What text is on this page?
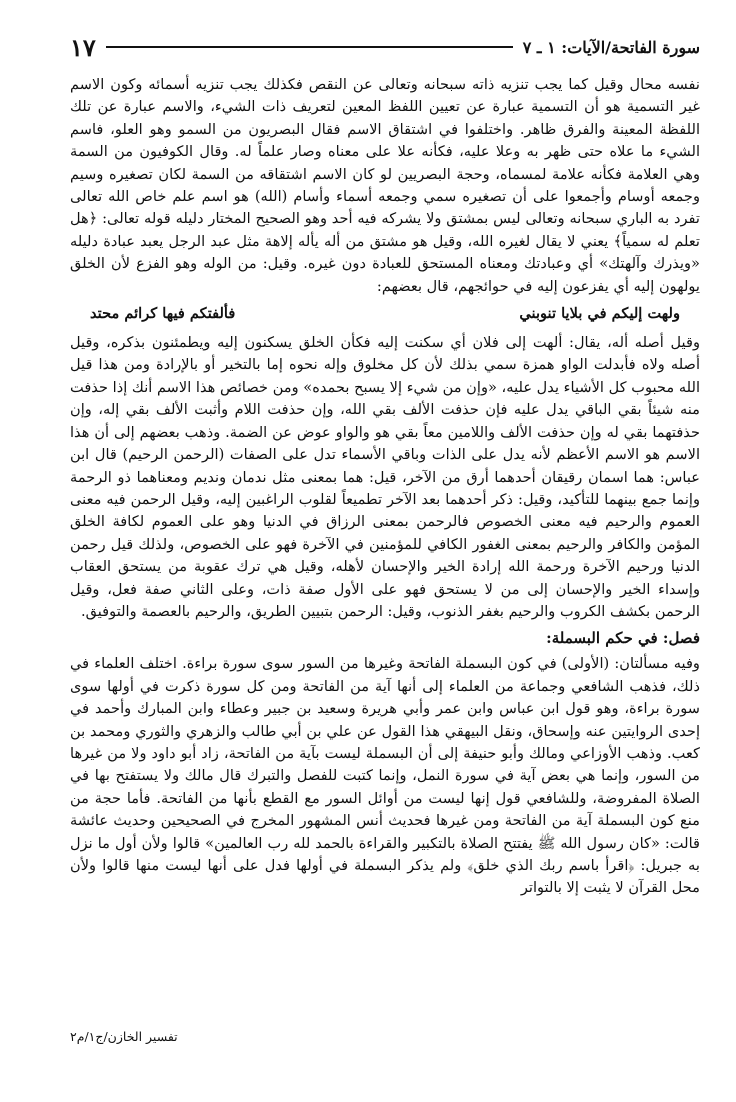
سورة الفاتحة/الآيات: ١ ـ ٧
١٧

نفسه محال وقيل كما يجب تنزيه ذاته سبحانه وتعالى عن النقص فكذلك يجب تنزيه أسمائه وكون الاسم غير التسمية هو أن التسمية عبارة عن تعيين اللفظ المعين لتعريف ذات الشيء، والاسم عبارة عن تلك اللفظة المعينة والفرق ظاهر. واختلفوا في اشتقاق الاسم فقال البصريون من السمو وهو العلو، فاسم الشيء ما علاه حتى ظهر به وعلا عليه، فكأنه علا على معناه وصار علماً له. وقال الكوفيون من السمة وهي العلامة فكأنه علامة لمسماه، وحجة البصريين لو كان الاسم اشتقاقه من السمة لكان تصغيره وسيم وجمعه أوسام وأجمعوا على أن تصغيره سمي وجمعه أسماء وأسام (الله) هو اسم علم خاص الله تعالى تفرد به الباري سبحانه وتعالى ليس بمشتق ولا يشركه فيه أحد وهو الصحيح المختار دليله قوله تعالى: ﴿هل تعلم له سمياً﴾ يعني لا يقال لغيره الله، وقيل هو مشتق من أله يأله إلاهة مثل عبد الرجل يعبد عبادة دليله «ويذرك وآلهتك» أي وعبادتك ومعناه المستحق للعبادة دون غيره. وقيل: من الوله وهو الفزع لأن الخلق يولهون إليه أي يفزعون إليه في حوائجهم، قال بعضهم:

ولهت إليكم في بلايا تنوبني
فألفتكم فيها كرائم محتد

وقيل أصله أله، يقال: ألهت إلى فلان أي سكنت إليه فكأن الخلق يسكنون إليه ويطمئنون بذكره، وقيل أصله ولاه فأبدلت الواو همزة سمي بذلك لأن كل مخلوق وإله نحوه إما بالتخير أو بالإرادة ومن هذا قيل الله محبوب كل الأشياء يدل عليه، «وإن من شيء إلا يسبح بحمده» ومن خصائص هذا الاسم أنك إذا حذفت منه شيئاً بقي الباقي يدل عليه فإن حذفت الألف بقي الله، وإن حذفت اللام وأثبت الألف بقي إله، وإن حذفتهما بقي له وإن حذفت الألف واللامين معاً بقي هو والواو عوض عن الضمة. وذهب بعضهم إلى أن هذا الاسم هو الاسم الأعظم لأنه يدل على الذات وباقي الأسماء تدل على الصفات (الرحمن الرحيم) قال ابن عباس: هما اسمان رقيقان أحدهما أرق من الآخر، قيل: هما بمعنى مثل ندمان ونديم ومعناهما ذو الرحمة وإنما جمع بينهما للتأكيد، وقيل: ذكر أحدهما بعد الآخر تطميعاً لقلوب الراغبين إليه، وقيل الرحمن فيه معنى العموم والرحيم فيه معنى الخصوص فالرحمن بمعنى الرزاق في الدنيا وهو على العموم لكافة الخلق المؤمن والكافر والرحيم بمعنى الغفور الكافي للمؤمنين في الآخرة فهو على الخصوص، ولذلك قيل رحمن الدنيا ورحيم الآخرة ورحمة الله إرادة الخير والإحسان لأهله، وقيل هي ترك عقوبة من يستحق العقاب وإسداء الخير والإحسان إلى من لا يستحق فهو على الأول صفة ذات، وعلى الثاني صفة فعل، وقيل الرحمن بكشف الكروب والرحيم بغفر الذنوب، وقيل: الرحمن بتبيين الطريق، والرحيم بالعصمة والتوفيق.

فصل: في حكم البسملة:

وفيه مسألتان: (الأولى) في كون البسملة الفاتحة وغيرها من السور سوى سورة براءة. اختلف العلماء في ذلك، فذهب الشافعي وجماعة من العلماء إلى أنها آية من الفاتحة ومن كل سورة ذكرت في أولها سوى سورة براءة، وهو قول ابن عباس وابن عمر وأبي هريرة وسعيد بن جبير وعطاء وابن المبارك وأحمد في إحدى الروايتين عنه وإسحاق، ونقل البيهقي هذا القول عن علي بن أبي طالب والزهري والثوري ومحمد بن كعب. وذهب الأوزاعي ومالك وأبو حنيفة إلى أن البسملة ليست بآية من الفاتحة، زاد أبو داود ولا من غيرها من السور، وإنما هي بعض آية في سورة النمل، وإنما كتبت للفصل والتبرك قال مالك ولا يستفتح بها في الصلاة المفروضة، وللشافعي قول إنها ليست من أوائل السور مع القطع بأنها من الفاتحة. فأما حجة من منع كون البسملة آية من الفاتحة ومن غيرها فحديث أنس المشهور المخرج في الصحيحين وحديث عائشة قالت: «كان رسول الله ﷺ يفتتح الصلاة بالتكبير والقراءة بالحمد لله رب العالمين» قالوا ولأن أول ما نزل به جبريل: ﴿اقرأ باسم ربك الذي خلق﴾ ولم يذكر البسملة في أولها فدل على أنها ليست منها قالوا ولأن محل القرآن لا يثبت إلا بالتواتر

تفسير الخازن/ج١/م٢
